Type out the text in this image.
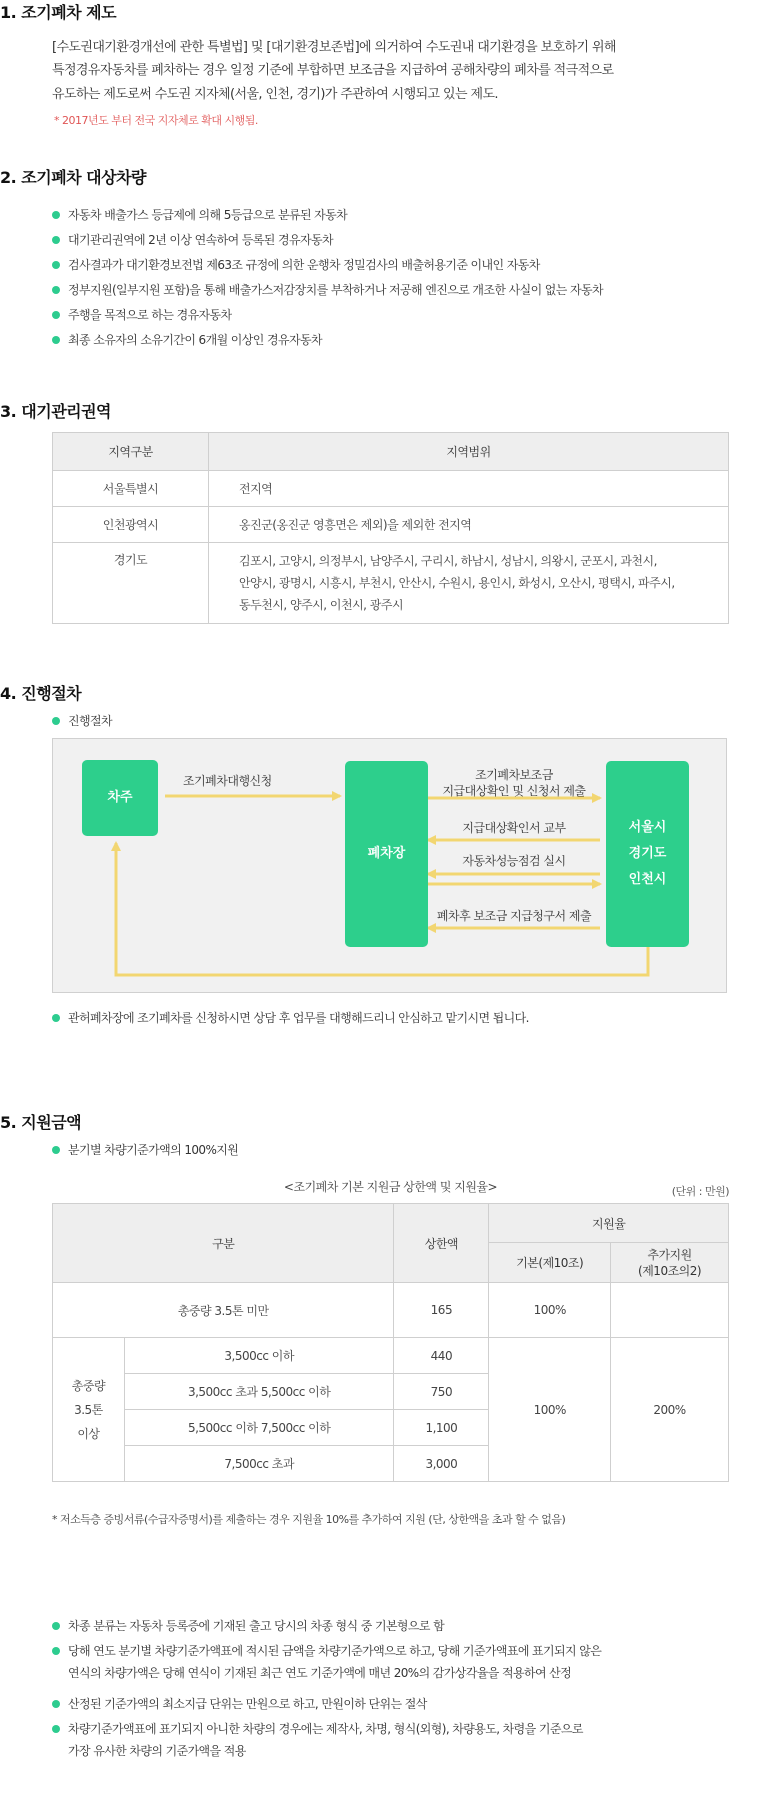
1. 조기폐차 제도
[수도권대기환경개선에 관한 특별법] 및 [대기환경보존법]에 의거하여 수도권내 대기환경을 보호하기 위해
특정경유자동차를 폐차하는 경우 일정 기준에 부합하면 보조금을 지급하여 공해차량의 폐차를 적극적으로
유도하는 제도로써 수도권 지자체(서울, 인천, 경기)가 주관하여 시행되고 있는 제도.
* 2017년도 부터 전국 지자체로 확대 시행됨.
2. 조기폐차 대상차량
자동차 배출가스 등급제에 의해 5등급으로 분류된 자동차
대기관리권역에 2년 이상 연속하여 등록된 경유자동차
검사결과가 대기환경보전법 제63조 규정에 의한 운행차 정밀검사의 배출허용기준 이내인 자동차
정부지원(일부지원 포함)을 통해 배출가스저감장치를 부착하거나 저공해 엔진으로 개조한 사실이 없는 자동차
주행을 목적으로 하는 경유자동차
최종 소유자의 소유기간이 6개월 이상인 경유자동차
3. 대기관리권역
지역구분	지역범위
서울특별시	전지역
인천광역시	옹진군(옹진군 영흥면은 제외)을 제외한 전지역
경기도	김포시, 고양시, 의정부시, 남양주시, 구리시, 하남시, 성남시, 의왕시, 군포시, 과천시,
안양시, 광명시, 시흥시, 부천시, 안산시, 수원시, 용인시, 화성시, 오산시, 평택시, 파주시,
동두천시, 양주시, 이천시, 광주시
4. 진행절차
진행절차
차주
폐차장
서울시
경기도
인천시
조기폐차대행신청	조기폐차보조금
지급대상확인 및 신청서 제출
지급대상확인서 교부
자동차성능점검 실시
폐차후 보조금 지급청구서 제출
관허폐차장에 조기폐차를 신청하시면 상담 후 업무를 대행해드리니 안심하고 맡기시면 됩니다.
5. 지원금액
분기별 차량기준가액의 100%지원
<조기폐차 기본 지원금 상한액 및 지원율>	(단위 : 만원)
구분		상한액	지원율	
			기본(제10조)	추가지원
(제10조의2)

총중량 3.5톤 미만		165	100%	

총중량
3.5톤
이상	3,500cc 이하	440	100%	200%
	3,500cc 초과 5,500cc 이하	750		
	5,500cc 이하 7,500cc 이하	1,100		
	7,500cc 초과	3,000		
* 저소득층 증빙서류(수급자증명서)를 제출하는 경우 지원율 10%를 추가하여 지원 (단, 상한액을 초과 할 수 없음)
차종 분류는 자동차 등록증에 기재된 출고 당시의 차종 형식 중 기본형으로 함
당해 연도 분기별 차량기준가액표에 적시된 금액을 차량기준가액으로 하고, 당해 기준가액표에 표기되지 않은
연식의 차량가액은 당해 연식이 기재된 최근 연도 기준가액에 매년 20%의 감가상각율을 적용하여 산정
산정된 기준가액의 최소지급 단위는 만원으로 하고, 만원이하 단위는 절삭
차량기준가액표에 표기되지 아니한 차량의 경우에는 제작사, 차명, 형식(외형), 차량용도, 차령을 기준으로
가장 유사한 차량의 기준가액을 적용
